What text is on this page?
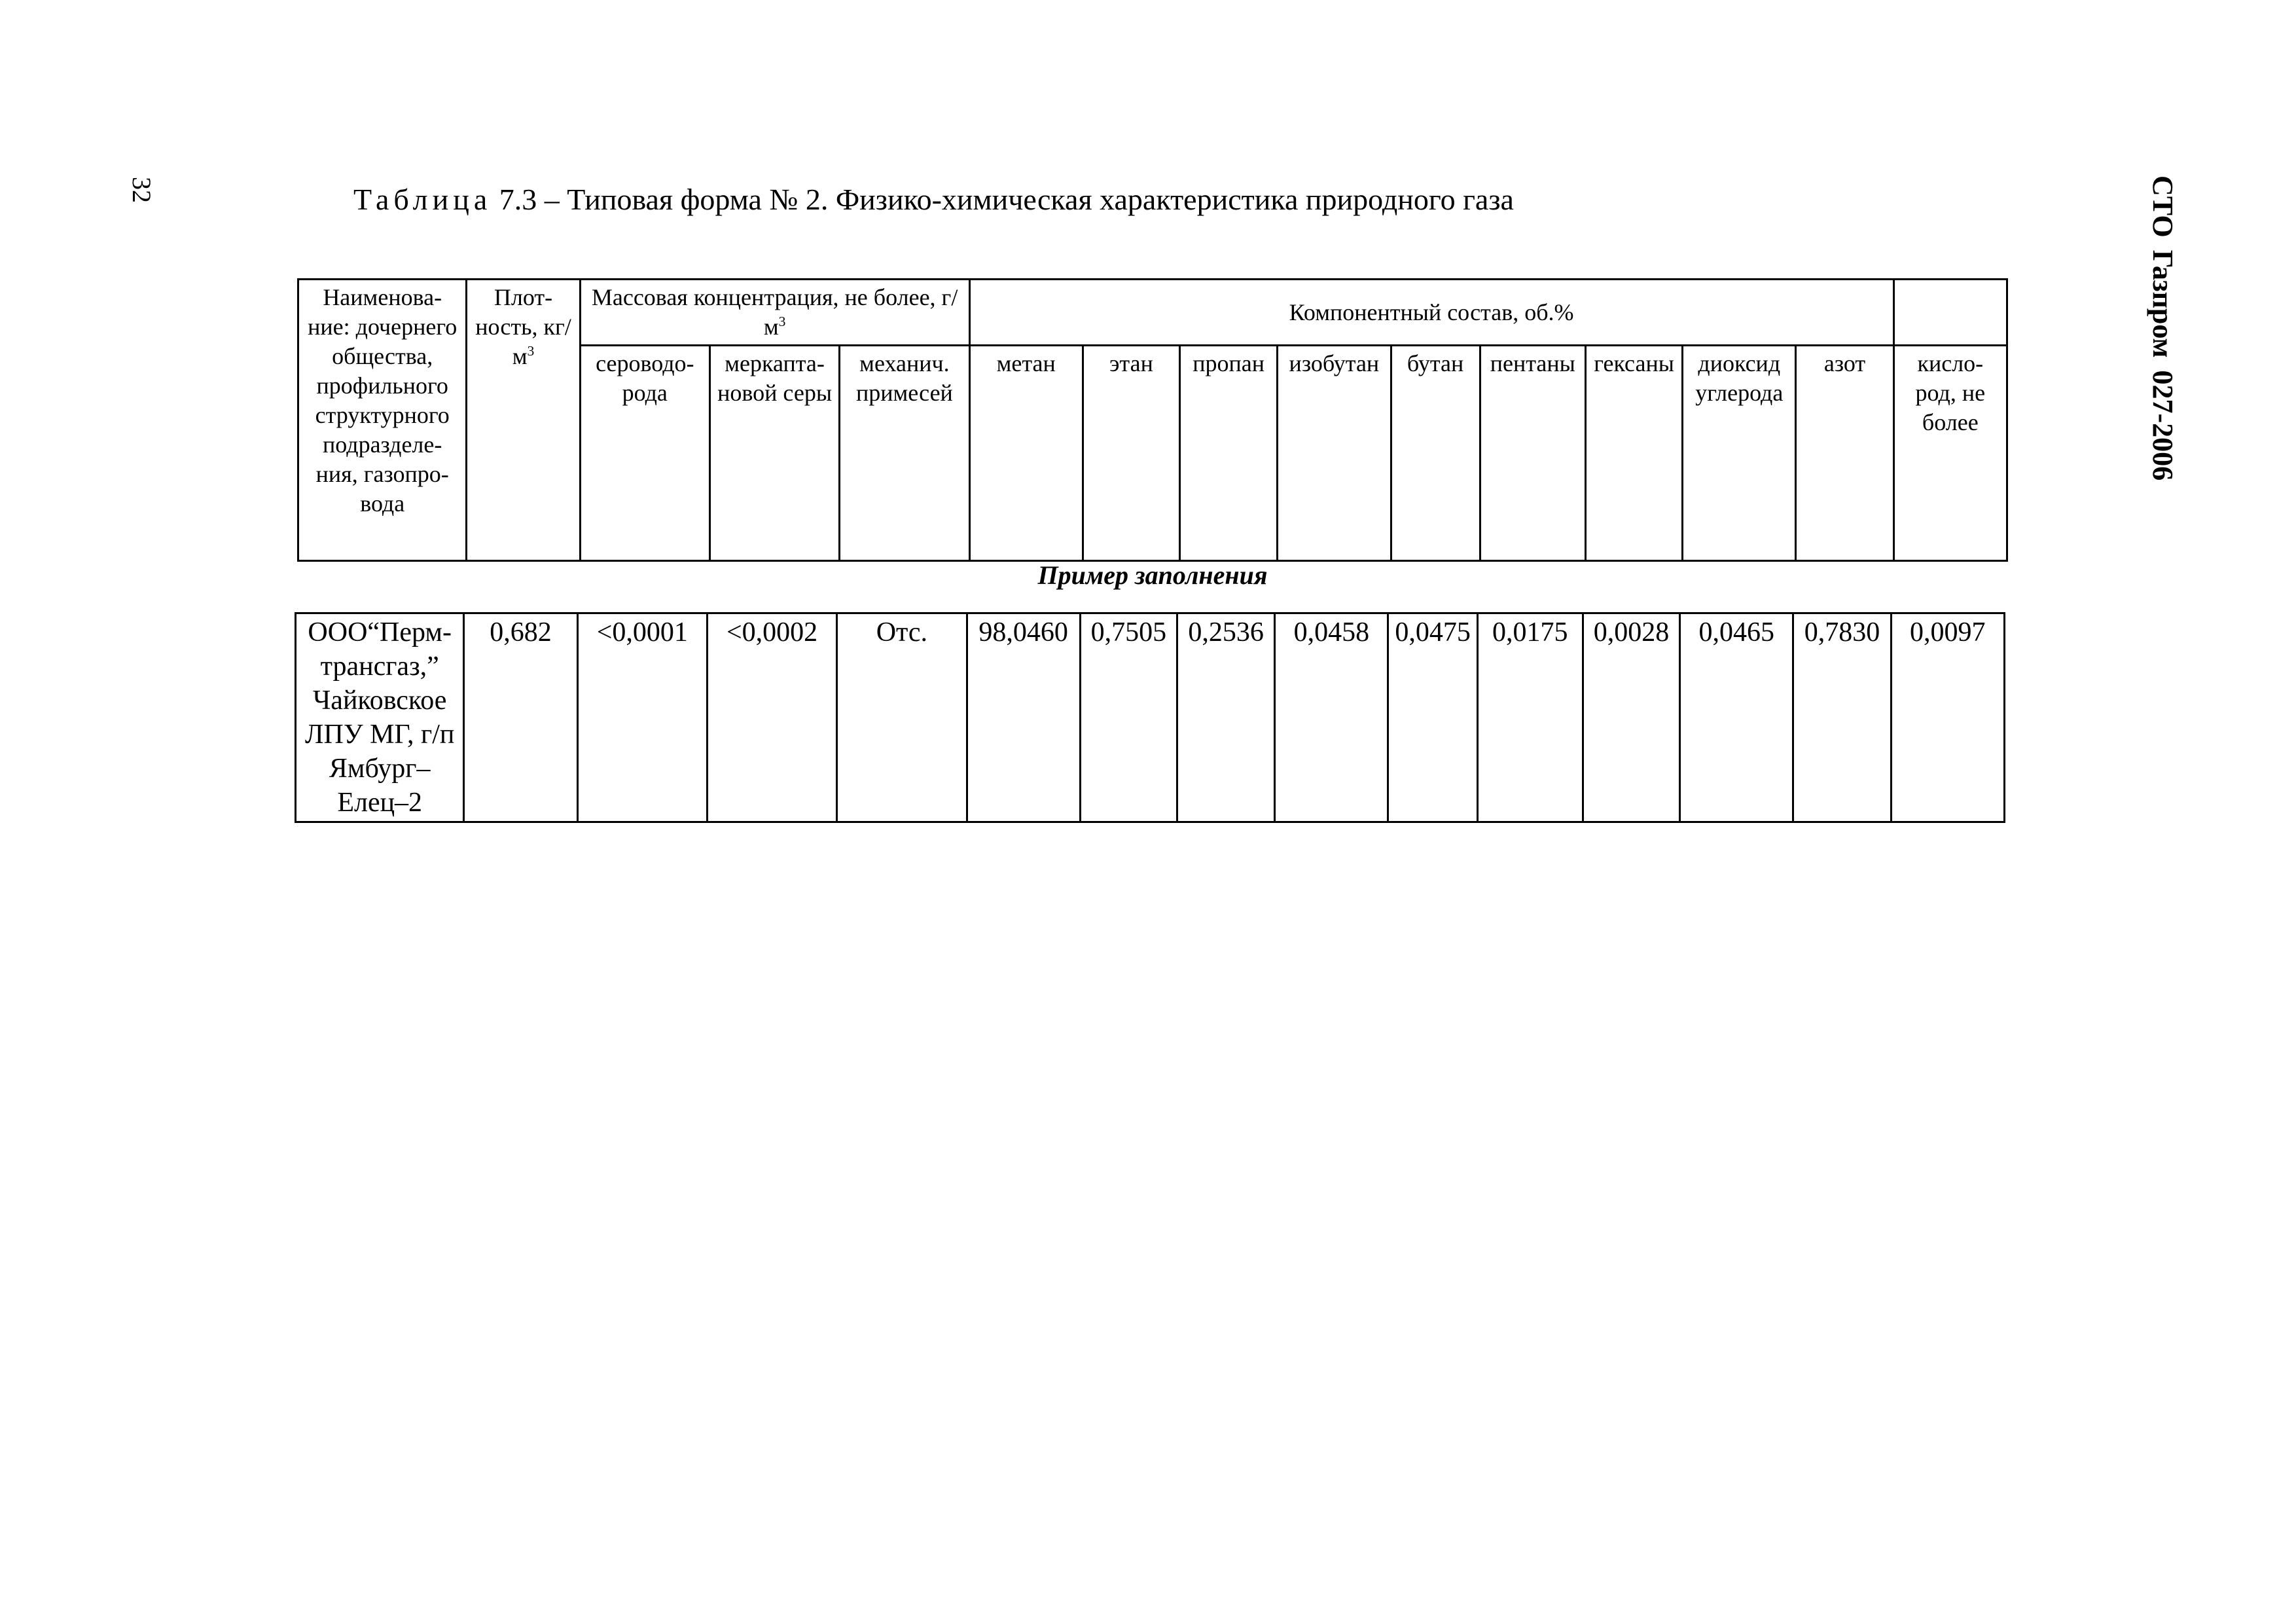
32	СТО Газпром 027-2006
Таблица 7.3 – Типовая форма № 2. Физико-химическая характеристика природного газа
Наименова-ние: дочернего общества, профильного структурного подразделе-ния, газопро-вода	Плот-ность, $кг/м^3$	Массовая концентрация, не более, $г/м^3$			Компонентный состав, об.%									
		сероводо-рода	меркапта-новой серы	механич. примесей	метан	этан	пропан	изобутан	бутан	пентаны	гексаны	диоксид углерода	азот	кисло-род, не более
Пример заполнения
ООО“Перм-трансгаз,” Чайковское ЛПУ МГ, г/п Ямбург–Елец–2	0,682	<0,0001	<0,0002	Отс.	98,0460	0,7505	0,2536	0,0458	0,0475	0,0175	0,0028	0,0465	0,7830	0,0097
